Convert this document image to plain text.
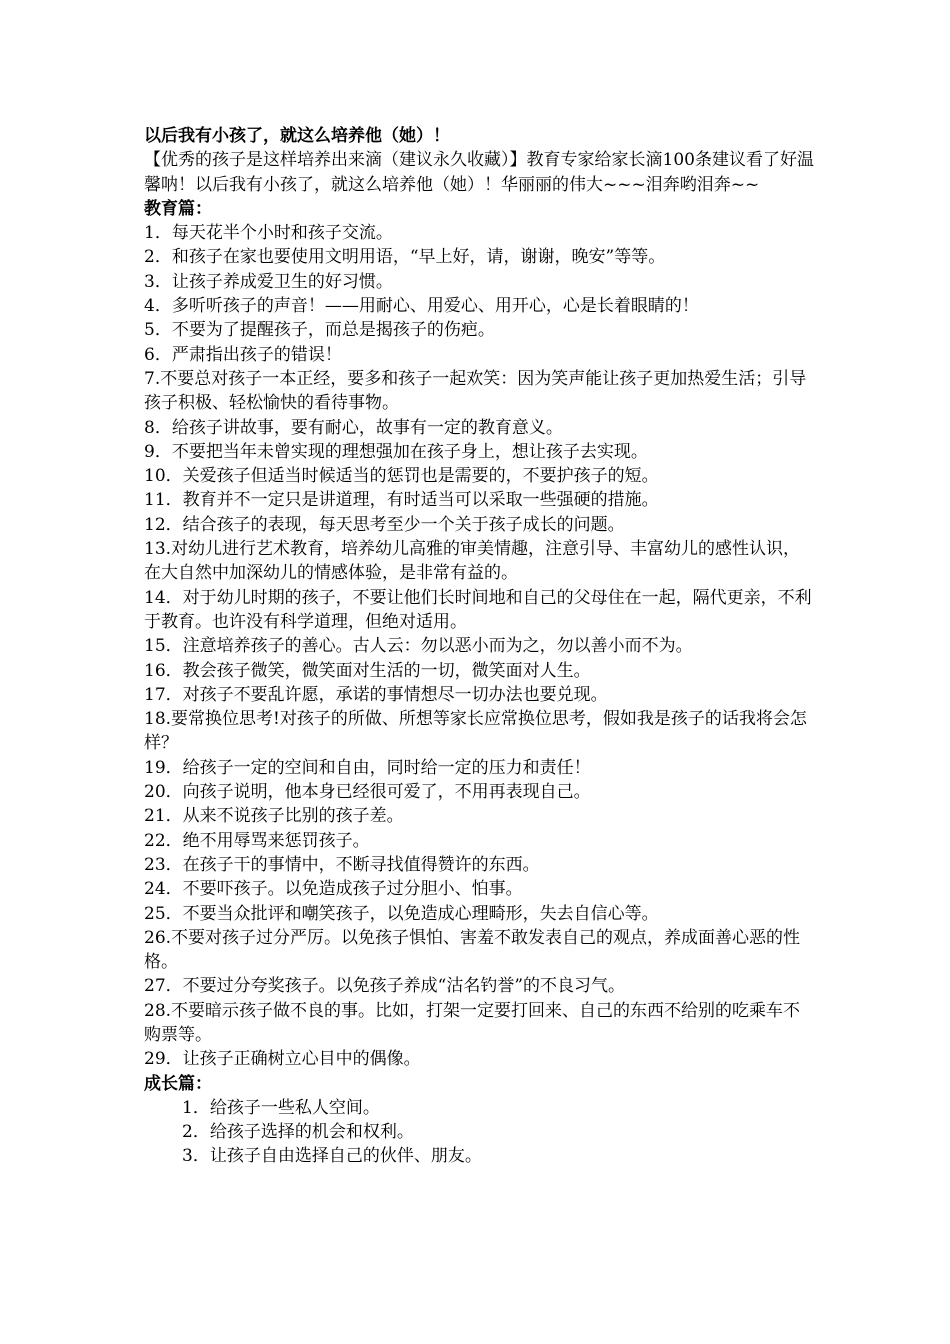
以后我有小孩了，就这么培养他（她）！

【优秀的孩子是这样培养出来滴（建议永久收藏）】教育专家给家长滴100条建议看了好温馨呐！以后我有小孩了，就这么培养他（她）！华丽丽的伟大~~~泪奔哟泪奔~~

教育篇：

1．每天花半个小时和孩子交流。

2．和孩子在家也要使用文明用语，“早上好，请，谢谢，晚安”等等。

3．让孩子养成爱卫生的好习惯。

4．多听听孩子的声音！——用耐心、用爱心、用开心，心是长着眼睛的！

5．不要为了提醒孩子，而总是揭孩子的伤疤。

6．严肃指出孩子的错误！

7.不要总对孩子一本正经，要多和孩子一起欢笑：因为笑声能让孩子更加热爱生活；引导孩子积极、轻松愉快的看待事物。

8．给孩子讲故事，要有耐心，故事有一定的教育意义。

9．不要把当年未曾实现的理想强加在孩子身上，想让孩子去实现。

10．关爱孩子但适当时候适当的惩罚也是需要的，不要护孩子的短。

11．教育并不一定只是讲道理，有时适当可以采取一些强硬的措施。

12．结合孩子的表现，每天思考至少一个关于孩子成长的问题。

13.对幼儿进行艺术教育，培养幼儿高雅的审美情趣，注意引导、丰富幼儿的感性认识，在大自然中加深幼儿的情感体验，是非常有益的。

14．对于幼儿时期的孩子，不要让他们长时间地和自己的父母住在一起，隔代更亲，不利于教育。也许没有科学道理，但绝对适用。

15．注意培养孩子的善心。古人云：勿以恶小而为之，勿以善小而不为。

16．教会孩子微笑，微笑面对生活的一切，微笑面对人生。

17．对孩子不要乱许愿，承诺的事情想尽一切办法也要兑现。

18.要常换位思考!对孩子的所做、所想等家长应常换位思考，假如我是孩子的话我将会怎样？

19．给孩子一定的空间和自由，同时给一定的压力和责任！

20．向孩子说明，他本身已经很可爱了，不用再表现自己。

21．从来不说孩子比别的孩子差。

22．绝不用辱骂来惩罚孩子。

23．在孩子干的事情中，不断寻找值得赞许的东西。

24．不要吓孩子。以免造成孩子过分胆小、怕事。

25．不要当众批评和嘲笑孩子，以免造成心理畸形，失去自信心等。

26.不要对孩子过分严厉。以免孩子惧怕、害羞不敢发表自己的观点，养成面善心恶的性格。

27．不要过分夸奖孩子。以免孩子养成“沽名钓誉”的不良习气。

28.不要暗示孩子做不良的事。比如，打架一定要打回来、自己的东西不给别的吃乘车不购票等。

29．让孩子正确树立心目中的偶像。

成长篇：

1．给孩子一些私人空间。

2．给孩子选择的机会和权利。

3．让孩子自由选择自己的伙伴、朋友。
